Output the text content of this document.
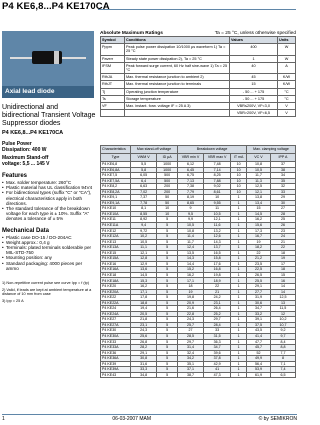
P4 KE6,8...P4 KE170CA
Axial lead diode
Unidirectional and bidirectional Transient Voltage Suppressor diodes
P4 KE6,8...P4 KE170CA
Pulse Power
Dissipation: 400 W
Maximum Stand-off
voltage: 5,5 ... 145 V
Features
• Max. solder temperature: 260°C
• Plastic material has UL classification 94V4
• For bidirectional types (suffix "C" or "CA"), electrical characteristics apply in both directions.
• The standard tolerance of the breakdown voltage for each type is ± 10%. Suffix "A" denotes a tolerance of ± 5%
Mechanical Data
• Plastic case DO-15 / DO-204AC
• Weight approx.: 0,4 g
• Terminals: plated terminals solderable per MIL-STD-750
• Mounting position: any
• Standard packaging: 4000 pieces per ammo

1) Non-repetitive current pulse see curve Ipp = f (tp)

2) Valid, if leads are kept at ambient temperature at a distance of 10 mm from case

3) Ipp = 25 A

Absolute Maximum Ratings	Ta = 25 °C, unless otherwise specified
Symbol	Conditions	Values	Units
Pppm	Peak pulse power dissipation 10/1000 µs waveform 1) Ta = 25 °C	400	W
Paverr	Steady state power dissipation 2), Ta = 25 °C	1	W
IFSM	Peak forward surge current, 60 Hz half sine-wave 1) Ta = 25 °C	40	A
RthJA	Max. thermal resistance junction to ambient 2)	45	K/W
RthJT	Max. thermal resistance junction to terminals	15	K/W
Tj	Operating junction temperature	- 50 ... + 175	°C
Ts	Storage temperature	- 50 ... + 175	°C
VF	Max. instant. forw. voltage IF = 25 A 3)	VBR≤200V, VF<3,0	V
		VBR>200V, VF<6,5	V
Characteristics	Max stand-off voltage		Breakdown voltage			Max. clamping voltage	
Type	VWM V	ID µA	VBR min V	VBR max V	IT mA	VC V	IPP A
P4 KE6,8	5,5	1000	6,12	7,48	10	10,8	37
P4 KE6,8A	5,8	1000	6,45	7,14	10	10,5	38
P4 KE7,5	6,05	500	6,75	8,25	10	11,7	34
P4 KE7,5A	6,4	500	7,13	7,88	10	11,3	35
P4 KE8,2	6,63	200	7,38	9,02	10	12,5	32
P4 KE8,2A	7,02	200	7,79	8,61	10	12,1	33
P4 KE9,1	7,37	50	8,19	10	1	13,8	29
P4 KE9,1A	7,78	50	8,65	9,55	1	13,4	30
P4 KE10	8,1	10	9	11	1	15	27
P4 KE10A	8,55	10	9,5	10,5	1	14,5	28
P4 KE11	8,92	5	9,9	12,1	1	16,2	25
P4 KE11A	9,4	5	10,5	11,6	1	15,6	26
P4 KE12	9,72	5	10,8	13,2	1	17,3	23
P4 KE12A	10,2	5	11,4	12,6	1	16,7	24
P4 KE13	10,5	5	11,7	14,3	1	19	21
P4 KE13A	11,1	5	12,4	13,7	1	18,2	22
P4 KE15	12,1	5	13,5	16,5	1	22	18
P4 KE15A	12,8	5	14,3	15,8	1	21,2	19
P4 KE16	12,9	5	14,4	17,6	1	23,5	17
P4 KE16A	13,6	5	15,2	16,8	1	22,5	18
P4 KE18	14,5	5	16,2	19,8	1	26,5	15
P4 KE18A	15,3	5	17,1	18,9	1	25,5	16
P4 KE20	16,2	5	18	22	1	29,1	14
P4 KE20A	17,1	5	19	21	1	27,7	14
P4 KE22	17,8	5	19,8	24,2	1	31,9	12,5
P4 KE22A	18,8	5	20,9	23,1	1	30,6	13
P4 KE24	19,4	5	21,6	26,4	1	34,7	11,5
P4 KE24A	20,5	5	22,8	25,2	1	33,2	12
P4 KE27	21,8	5	24,3	29,7	1	39,1	10,2
P4 KE27A	23,1	5	25,7	28,4	1	37,5	10,7
P4 KE30	24,3	5	27	33	1	43,5	9,2
P4 KE30A	25,6	5	28,5	31,5	1	41,4	9,7
P4 KE33	26,8	5	29,7	36,3	1	47,7	8,4
P4 KE33A	28,2	5	31,4	34,7	1	45,7	8,8
P4 KE36	29,1	5	32,4	39,6	1	52	7,7
P4 KE36A	30,8	5	34,2	37,8	1	49,9	8
P4 KE39	31,6	5	35,1	42,9	1	56,4	7,1
P4 KE39A	33,3	5	37,1	41	1	53,9	7,4
P4 KE43	34,8	5	38,7	47,3	1	61,9	6,5
1	06-03-2007 MAM	© by SEMIKRON
